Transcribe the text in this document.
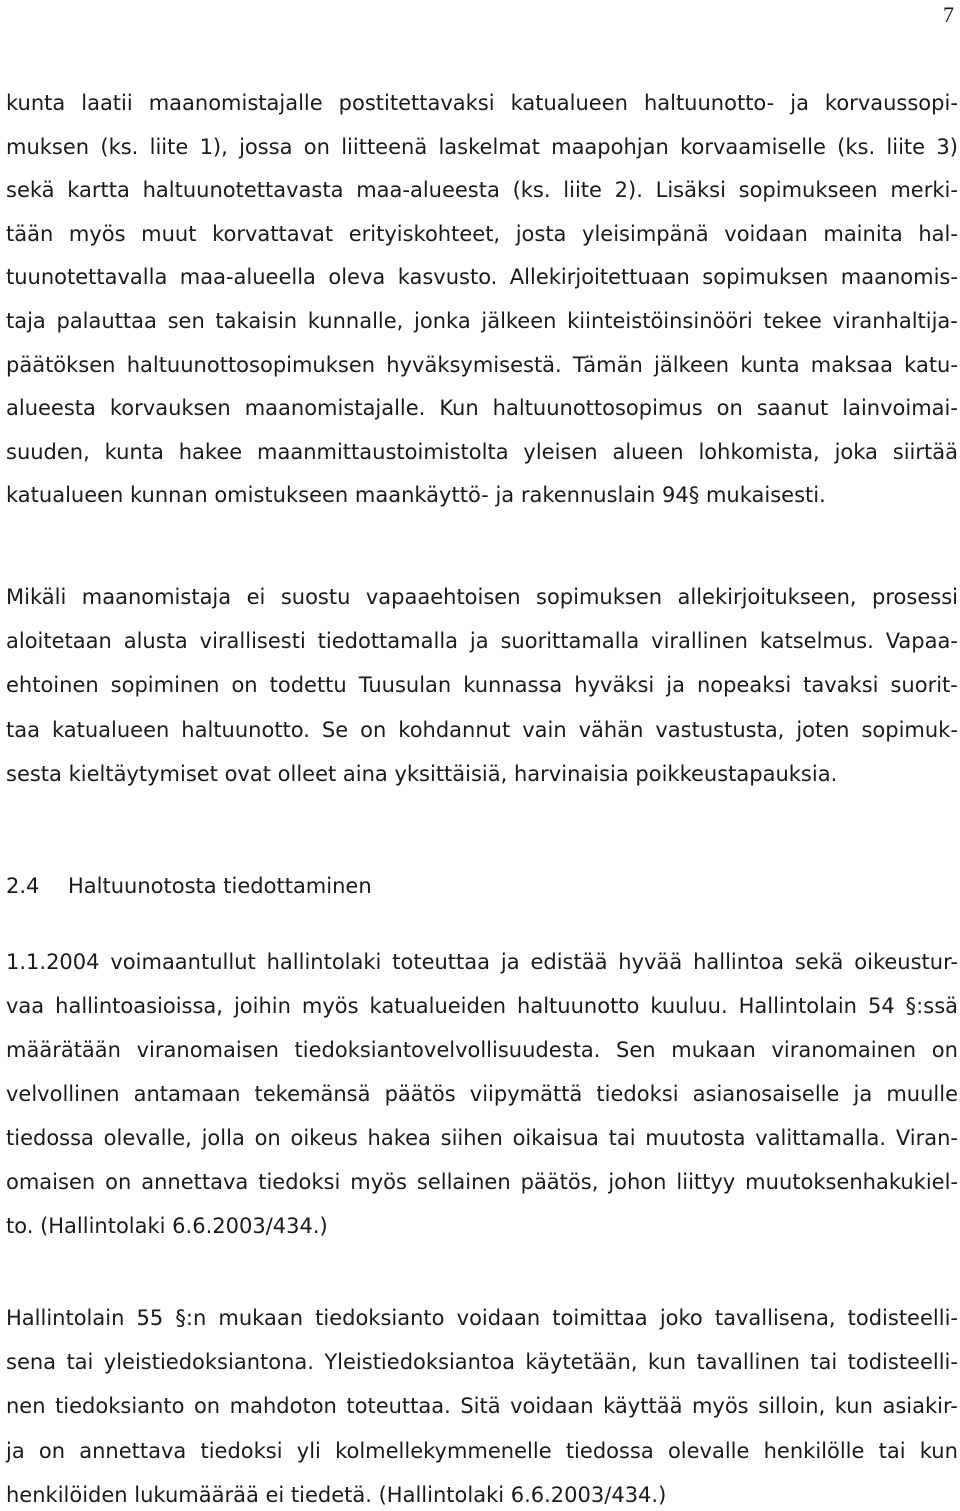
7
kunta laatii maanomistajalle postitettavaksi katualueen haltuunotto- ja korvaussopi-
muksen (ks. liite 1), jossa on liitteenä laskelmat maapohjan korvaamiselle (ks. liite 3)
sekä kartta haltuunotettavasta maa-alueesta (ks. liite 2). Lisäksi sopimukseen merki-
tään myös muut korvattavat erityiskohteet, josta yleisimpänä voidaan mainita hal-
tuunotettavalla maa-alueella oleva kasvusto. Allekirjoitettuaan sopimuksen maanomis-
taja palauttaa sen takaisin kunnalle, jonka jälkeen kiinteistöinsinööri tekee viranhaltija-
päätöksen haltuunottosopimuksen hyväksymisestä. Tämän jälkeen kunta maksaa katu-
alueesta korvauksen maanomistajalle. Kun haltuunottosopimus on saanut lainvoimai-
suuden, kunta hakee maanmittaustoimistolta yleisen alueen lohkomista, joka siirtää
katualueen kunnan omistukseen maankäyttö- ja rakennuslain 94§ mukaisesti.
Mikäli maanomistaja ei suostu vapaaehtoisen sopimuksen allekirjoitukseen, prosessi
aloitetaan alusta virallisesti tiedottamalla ja suorittamalla virallinen katselmus. Vapaa-
ehtoinen sopiminen on todettu Tuusulan kunnassa hyväksi ja nopeaksi tavaksi suorit-
taa katualueen haltuunotto. Se on kohdannut vain vähän vastustusta, joten sopimuk-
sesta kieltäytymiset ovat olleet aina yksittäisiä, harvinaisia poikkeustapauksia.
2.4 Haltuunotosta tiedottaminen
1.1.2004 voimaantullut hallintolaki toteuttaa ja edistää hyvää hallintoa sekä oikeustur-
vaa hallintoasioissa, joihin myös katualueiden haltuunotto kuuluu. Hallintolain 54 §:ssä
määrätään viranomaisen tiedoksiantovelvollisuudesta. Sen mukaan viranomainen on
velvollinen antamaan tekemänsä päätös viipymättä tiedoksi asianosaiselle ja muulle
tiedossa olevalle, jolla on oikeus hakea siihen oikaisua tai muutosta valittamalla. Viran-
omaisen on annettava tiedoksi myös sellainen päätös, johon liittyy muutoksenhakukiel-
to. (Hallintolaki 6.6.2003/434.)
Hallintolain 55 §:n mukaan tiedoksianto voidaan toimittaa joko tavallisena, todisteelli-
sena tai yleistiedoksiantona. Yleistiedoksiantoa käytetään, kun tavallinen tai todisteelli-
nen tiedoksianto on mahdoton toteuttaa. Sitä voidaan käyttää myös silloin, kun asiakir-
ja on annettava tiedoksi yli kolmellekymmenelle tiedossa olevalle henkilölle tai kun
henkilöiden lukumäärää ei tiedetä. (Hallintolaki 6.6.2003/434.)
